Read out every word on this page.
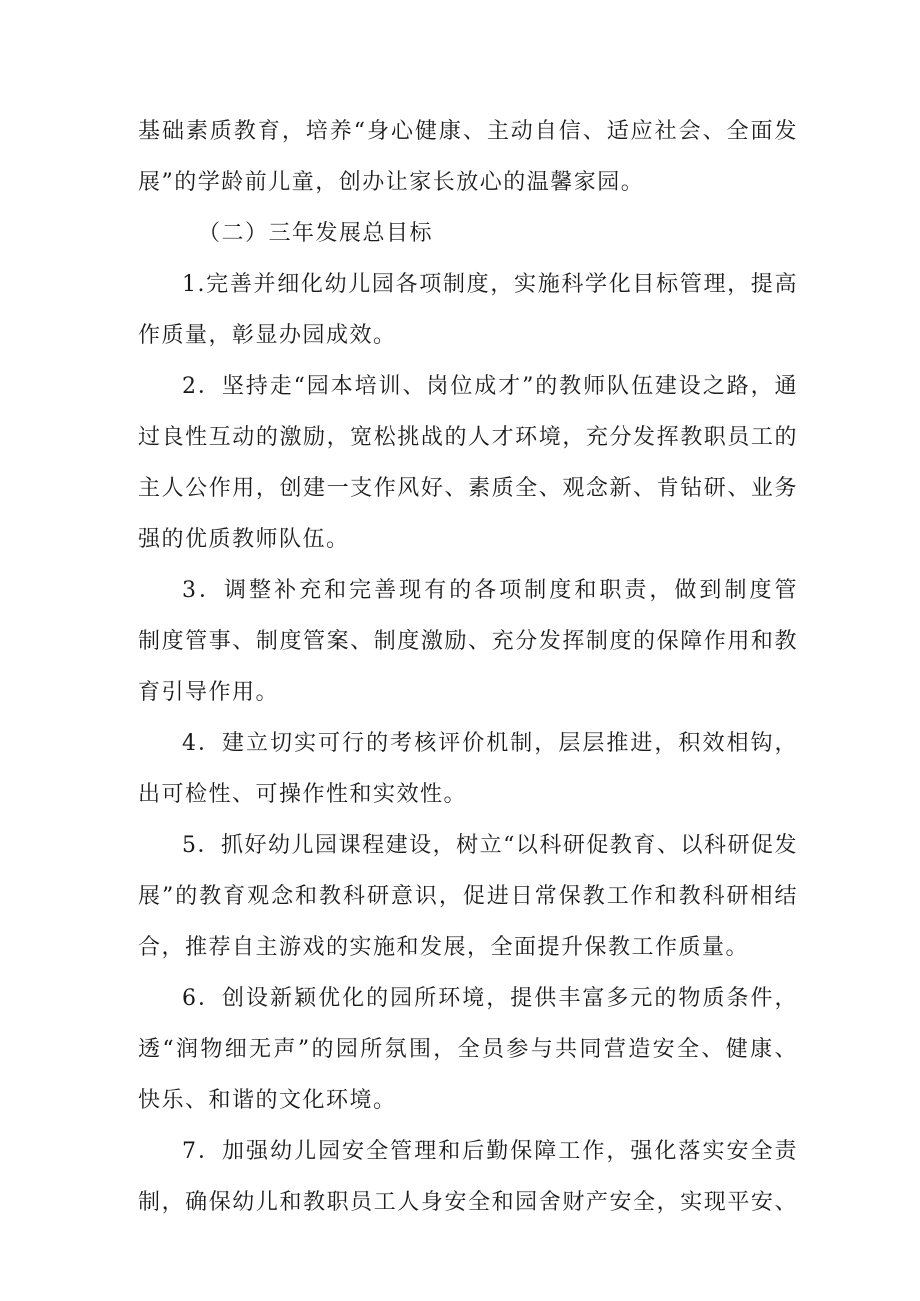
基础素质教育，培养“身心健康、主动自信、适应社会、全面发
展”的学龄前儿童，创办让家长放心的温馨家园。
（二）三年发展总目标
1.完善并细化幼儿园各项制度，实施科学化目标管理，提高
作质量，彰显办园成效。
2．坚持走“园本培训、岗位成才”的教师队伍建设之路，通
过良性互动的激励，宽松挑战的人才环境，充分发挥教职员工的
主人公作用，创建一支作风好、素质全、观念新、肯钻研、业务
强的优质教师队伍。
3．调整补充和完善现有的各项制度和职责，做到制度管
制度管事、制度管案、制度激励、充分发挥制度的保障作用和教
育引导作用。
4．建立切实可行的考核评价机制，层层推进，积效相钩，
出可检性、可操作性和实效性。
5．抓好幼儿园课程建设，树立“以科研促教育、以科研促发
展”的教育观念和教科研意识，促进日常保教工作和教科研相结
合，推荐自主游戏的实施和发展，全面提升保教工作质量。
6．创设新颖优化的园所环境，提供丰富多元的物质条件，
透“润物细无声”的园所氛围，全员参与共同营造安全、健康、
快乐、和谐的文化环境。
7．加强幼儿园安全管理和后勤保障工作，强化落实安全责
制，确保幼儿和教职员工人身安全和园舍财产安全，实现平安、
